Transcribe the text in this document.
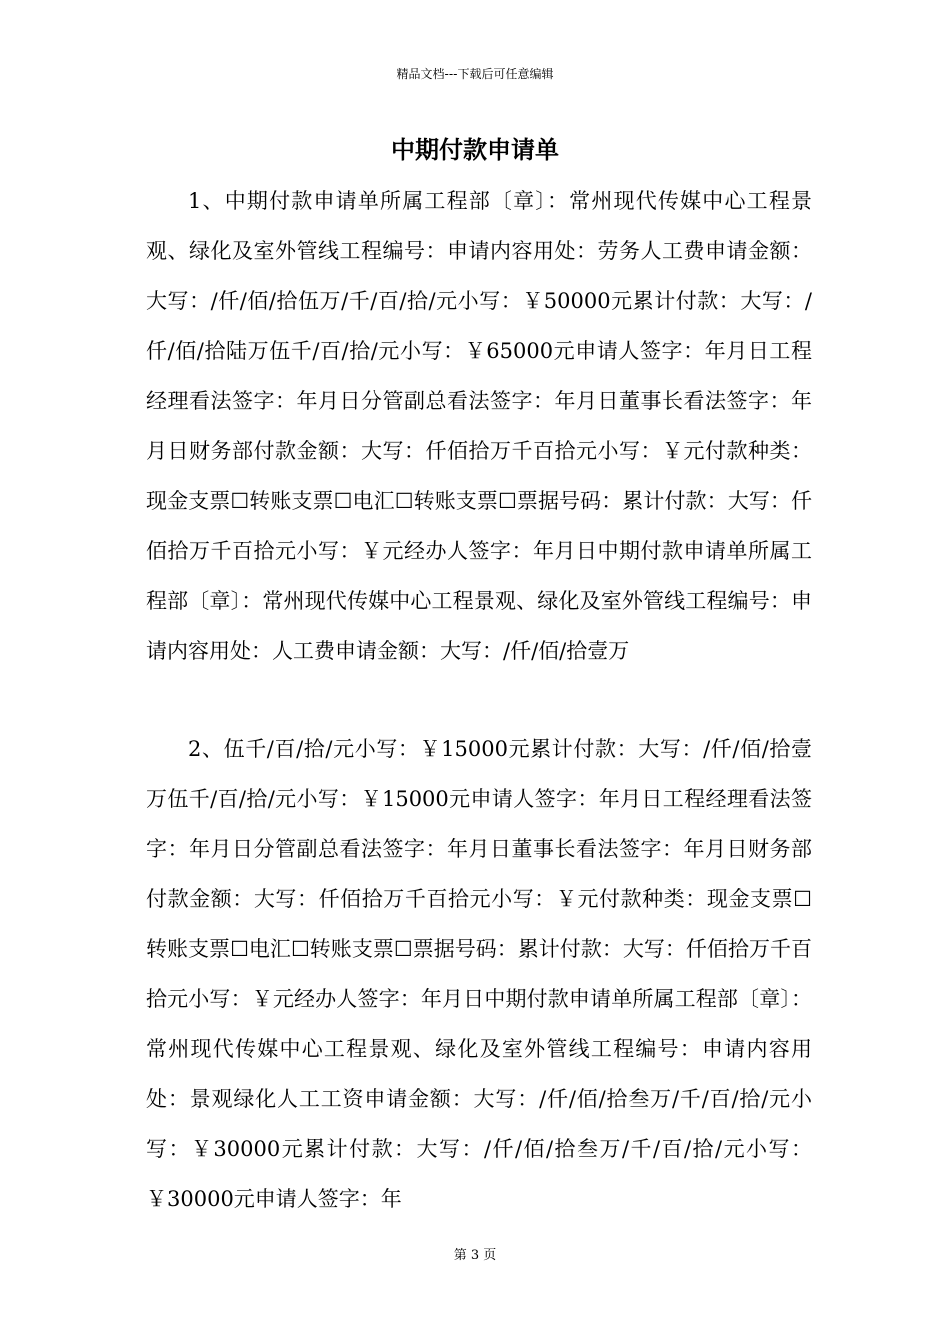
精品文档---下载后可任意编辑
中期付款申请单

1、中期付款申请单所属工程部〔章〕：常州现代传媒中心工程景观、绿化及室外管线工程编号：申请内容用处：劳务人工费申请金额：大写：/仟/佰/拾伍万/千/百/拾/元小写：￥50000元累计付款：大写：/仟/佰/拾陆万伍千/百/拾/元小写：￥65000元申请人签字：年月日工程经理看法签字：年月日分管副总看法签字：年月日董事长看法签字：年月日财务部付款金额：大写：仟佰拾万千百拾元小写：￥元付款种类：现金支票☐转账支票☐电汇☐转账支票☐票据号码：累计付款：大写：仟佰拾万千百拾元小写：￥元经办人签字：年月日中期付款申请单所属工程部〔章〕：常州现代传媒中心工程景观、绿化及室外管线工程编号：申请内容用处：人工费申请金额：大写：/仟/佰/拾壹万

2、伍千/百/拾/元小写：￥15000元累计付款：大写：/仟/佰/拾壹万伍千/百/拾/元小写：￥15000元申请人签字：年月日工程经理看法签字：年月日分管副总看法签字：年月日董事长看法签字：年月日财务部付款金额：大写：仟佰拾万千百拾元小写：￥元付款种类：现金支票☐转账支票☐电汇☐转账支票☐票据号码：累计付款：大写：仟佰拾万千百拾元小写：￥元经办人签字：年月日中期付款申请单所属工程部〔章〕：常州现代传媒中心工程景观、绿化及室外管线工程编号：申请内容用处：景观绿化人工工资申请金额：大写：/仟/佰/拾叁万/千/百/拾/元小写：￥30000元累计付款：大写：/仟/佰/拾叁万/千/百/拾/元小写：￥30000元申请人签字：年

第 3 页
